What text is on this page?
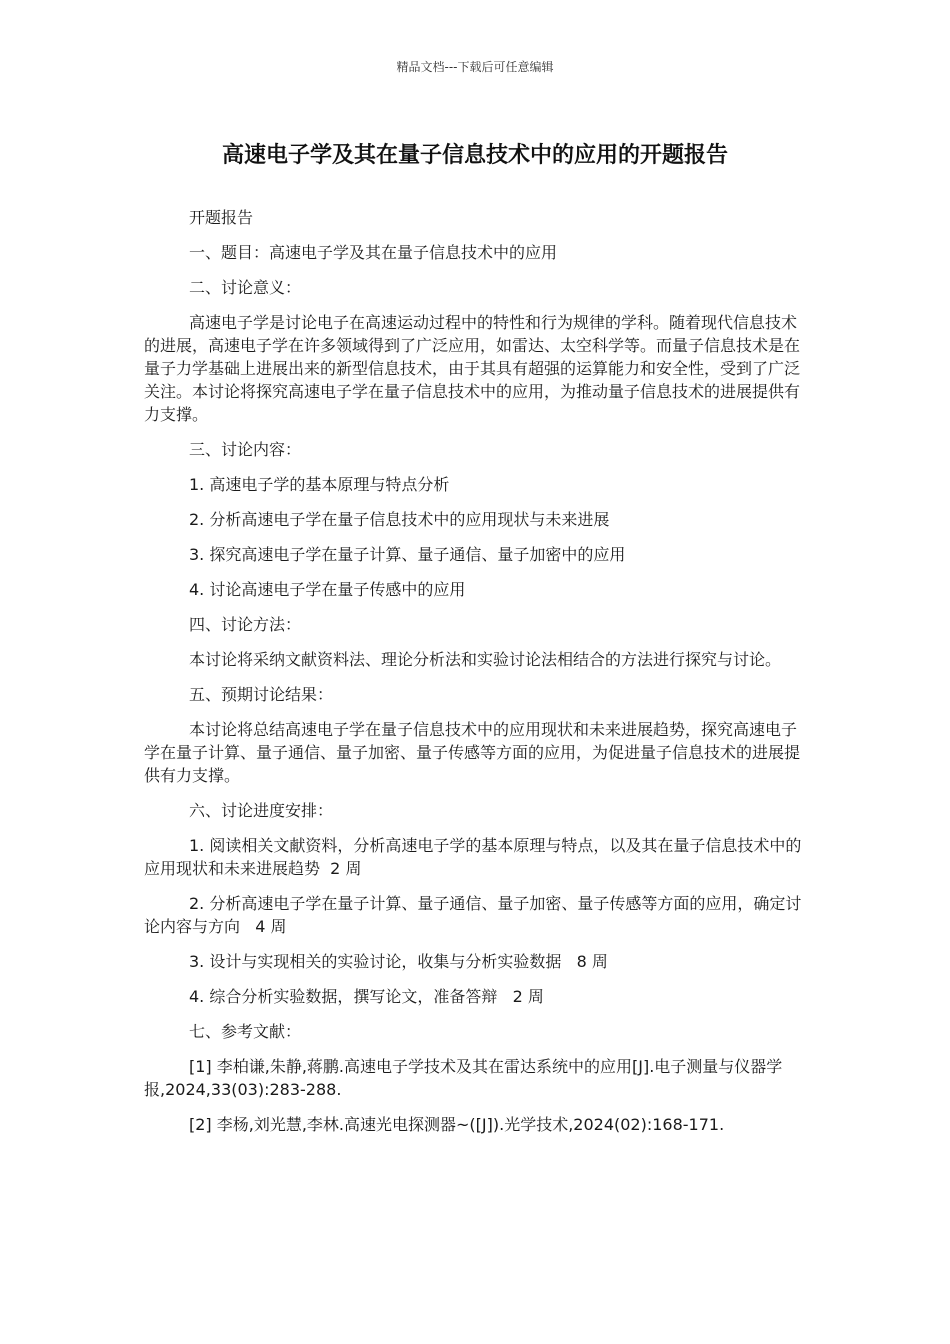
精品文档---下载后可任意编辑
高速电子学及其在量子信息技术中的应用的开题报告

开题报告

一、题目：高速电子学及其在量子信息技术中的应用

二、讨论意义：

高速电子学是讨论电子在高速运动过程中的特性和行为规律的学科。随着现代信息技术的进展，高速电子学在许多领域得到了广泛应用，如雷达、太空科学等。而量子信息技术是在量子力学基础上进展出来的新型信息技术，由于其具有超强的运算能力和安全性，受到了广泛关注。本讨论将探究高速电子学在量子信息技术中的应用，为推动量子信息技术的进展提供有力支撑。

三、讨论内容：

1. 高速电子学的基本原理与特点分析

2. 分析高速电子学在量子信息技术中的应用现状与未来进展

3. 探究高速电子学在量子计算、量子通信、量子加密中的应用

4. 讨论高速电子学在量子传感中的应用

四、讨论方法：

本讨论将采纳文献资料法、理论分析法和实验讨论法相结合的方法进行探究与讨论。

五、预期讨论结果：

本讨论将总结高速电子学在量子信息技术中的应用现状和未来进展趋势，探究高速电子学在量子计算、量子通信、量子加密、量子传感等方面的应用，为促进量子信息技术的进展提供有力支撑。

六、讨论进度安排：

1. 阅读相关文献资料，分析高速电子学的基本原理与特点，以及其在量子信息技术中的应用现状和未来进展趋势  2 周

2. 分析高速电子学在量子计算、量子通信、量子加密、量子传感等方面的应用，确定讨论内容与方向   4 周

3. 设计与实现相关的实验讨论，收集与分析实验数据   8 周

4. 综合分析实验数据，撰写论文，准备答辩   2 周

七、参考文献：

[1] 李柏谦,朱静,蒋鹏.高速电子学技术及其在雷达系统中的应用[J].电子测量与仪器学报,2024,33(03):283-288.

[2] 李杨,刘光慧,李林.高速光电探测器~([J]).光学技术,2024(02):168-171.
